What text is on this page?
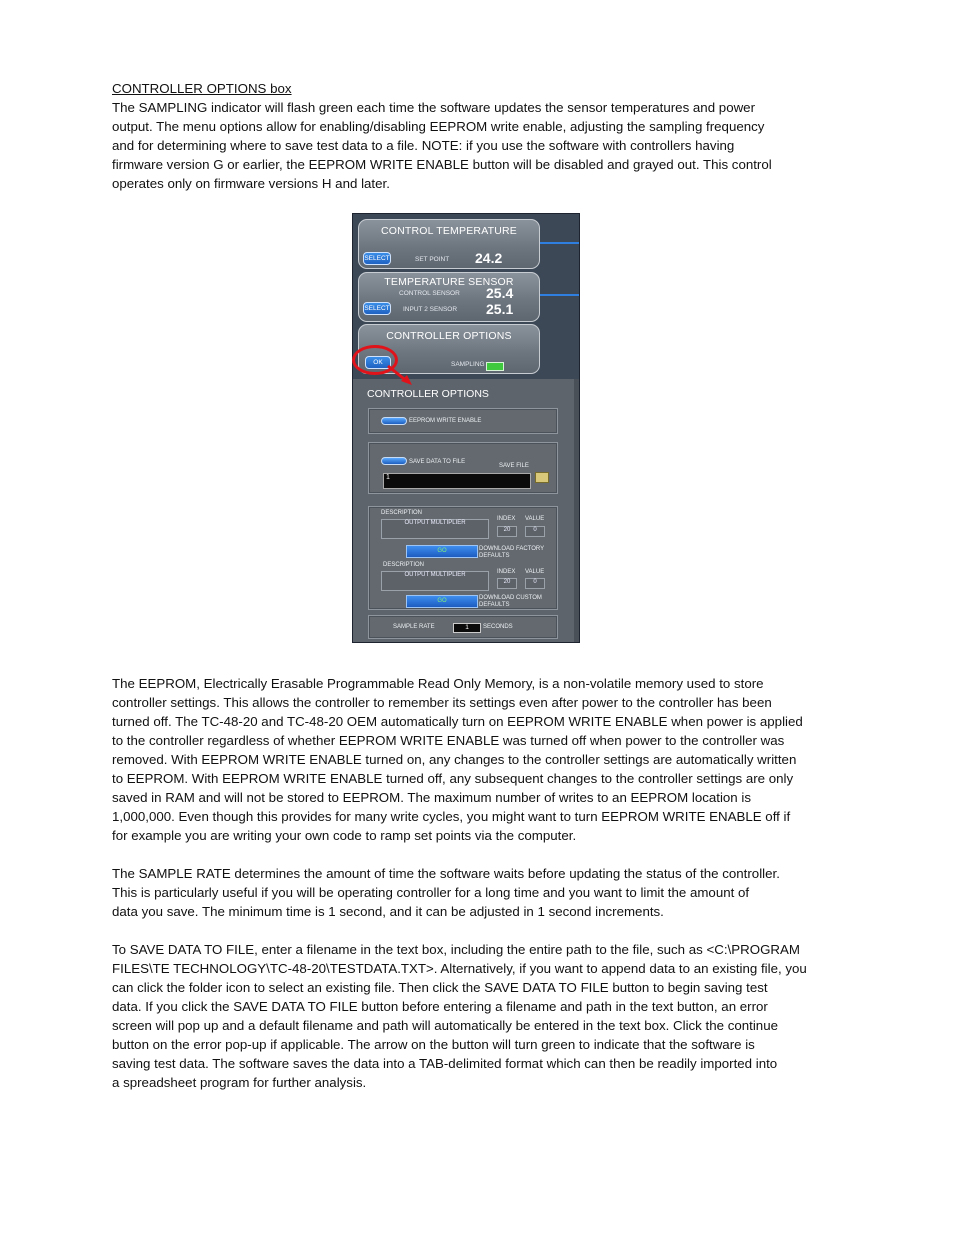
CONTROLLER OPTIONS box

The SAMPLING indicator will flash green each time the software updates the sensor temperatures and power

output. The menu options allow for enabling/disabling EEPROM write enable, adjusting the sampling frequency

and for determining where to save test data to a file. NOTE: if you use the software with controllers having

firmware version G or earlier, the EEPROM WRITE ENABLE button will be disabled and grayed out. This control

operates only on firmware versions H and later.

CONTROL TEMPERATURE
SELECT	SET POINT 24.2
TEMPERATURE SENSOR
CONTROL SENSOR 25.4
SELECT INPUT 2 SENSOR 25.1
CONTROLLER OPTIONS
OK	SAMPLING
CONTROLLER OPTIONS
EEPROM WRITE ENABLE
SAVE DATA TO FILE
SAVE FILE
1
DESCRIPTION
OUTPUT MULTIPLIER
INDEX VALUE
20	0
GO	DOWNLOAD FACTORY DEFAULTS
DESCRIPTION
OUTPUT MULTIPLIER	INDEX VALUE
20	0
GO	DOWNLOAD CUSTOM DEFAULTS
SAMPLE RATE	1	SECONDS

The EEPROM, Electrically Erasable Programmable Read Only Memory, is a non-volatile memory used to store

controller settings. This allows the controller to remember its settings even after power to the controller has been

turned off. The TC-48-20 and TC-48-20 OEM automatically turn on EEPROM WRITE ENABLE when power is applied

to the controller regardless of whether EEPROM WRITE ENABLE was turned off when power to the controller was

removed. With EEPROM WRITE ENABLE turned on, any changes to the controller settings are automatically written

to EEPROM. With EEPROM WRITE ENABLE turned off, any subsequent changes to the controller settings are only

saved in RAM and will not be stored to EEPROM. The maximum number of writes to an EEPROM location is

1,000,000. Even though this provides for many write cycles, you might want to turn EEPROM WRITE ENABLE off if

for example you are writing your own code to ramp set points via the computer.

The SAMPLE RATE determines the amount of time the software waits before updating the status of the controller.

This is particularly useful if you will be operating controller for a long time and you want to limit the amount of

data you save. The minimum time is 1 second, and it can be adjusted in 1 second increments.

To SAVE DATA TO FILE, enter a filename in the text box, including the entire path to the file, such as <C:\PROGRAM

FILES\TE TECHNOLOGY\TC-48-20\TESTDATA.TXT>. Alternatively, if you want to append data to an existing file, you

can click the folder icon to select an existing file. Then click the SAVE DATA TO FILE button to begin saving test

data. If you click the SAVE DATA TO FILE button before entering a filename and path in the text button, an error

screen will pop up and a default filename and path will automatically be entered in the text box. Click the continue

button on the error pop-up if applicable. The arrow on the button will turn green to indicate that the software is

saving test data. The software saves the data into a TAB-delimited format which can then be readily imported into

a spreadsheet program for further analysis.
